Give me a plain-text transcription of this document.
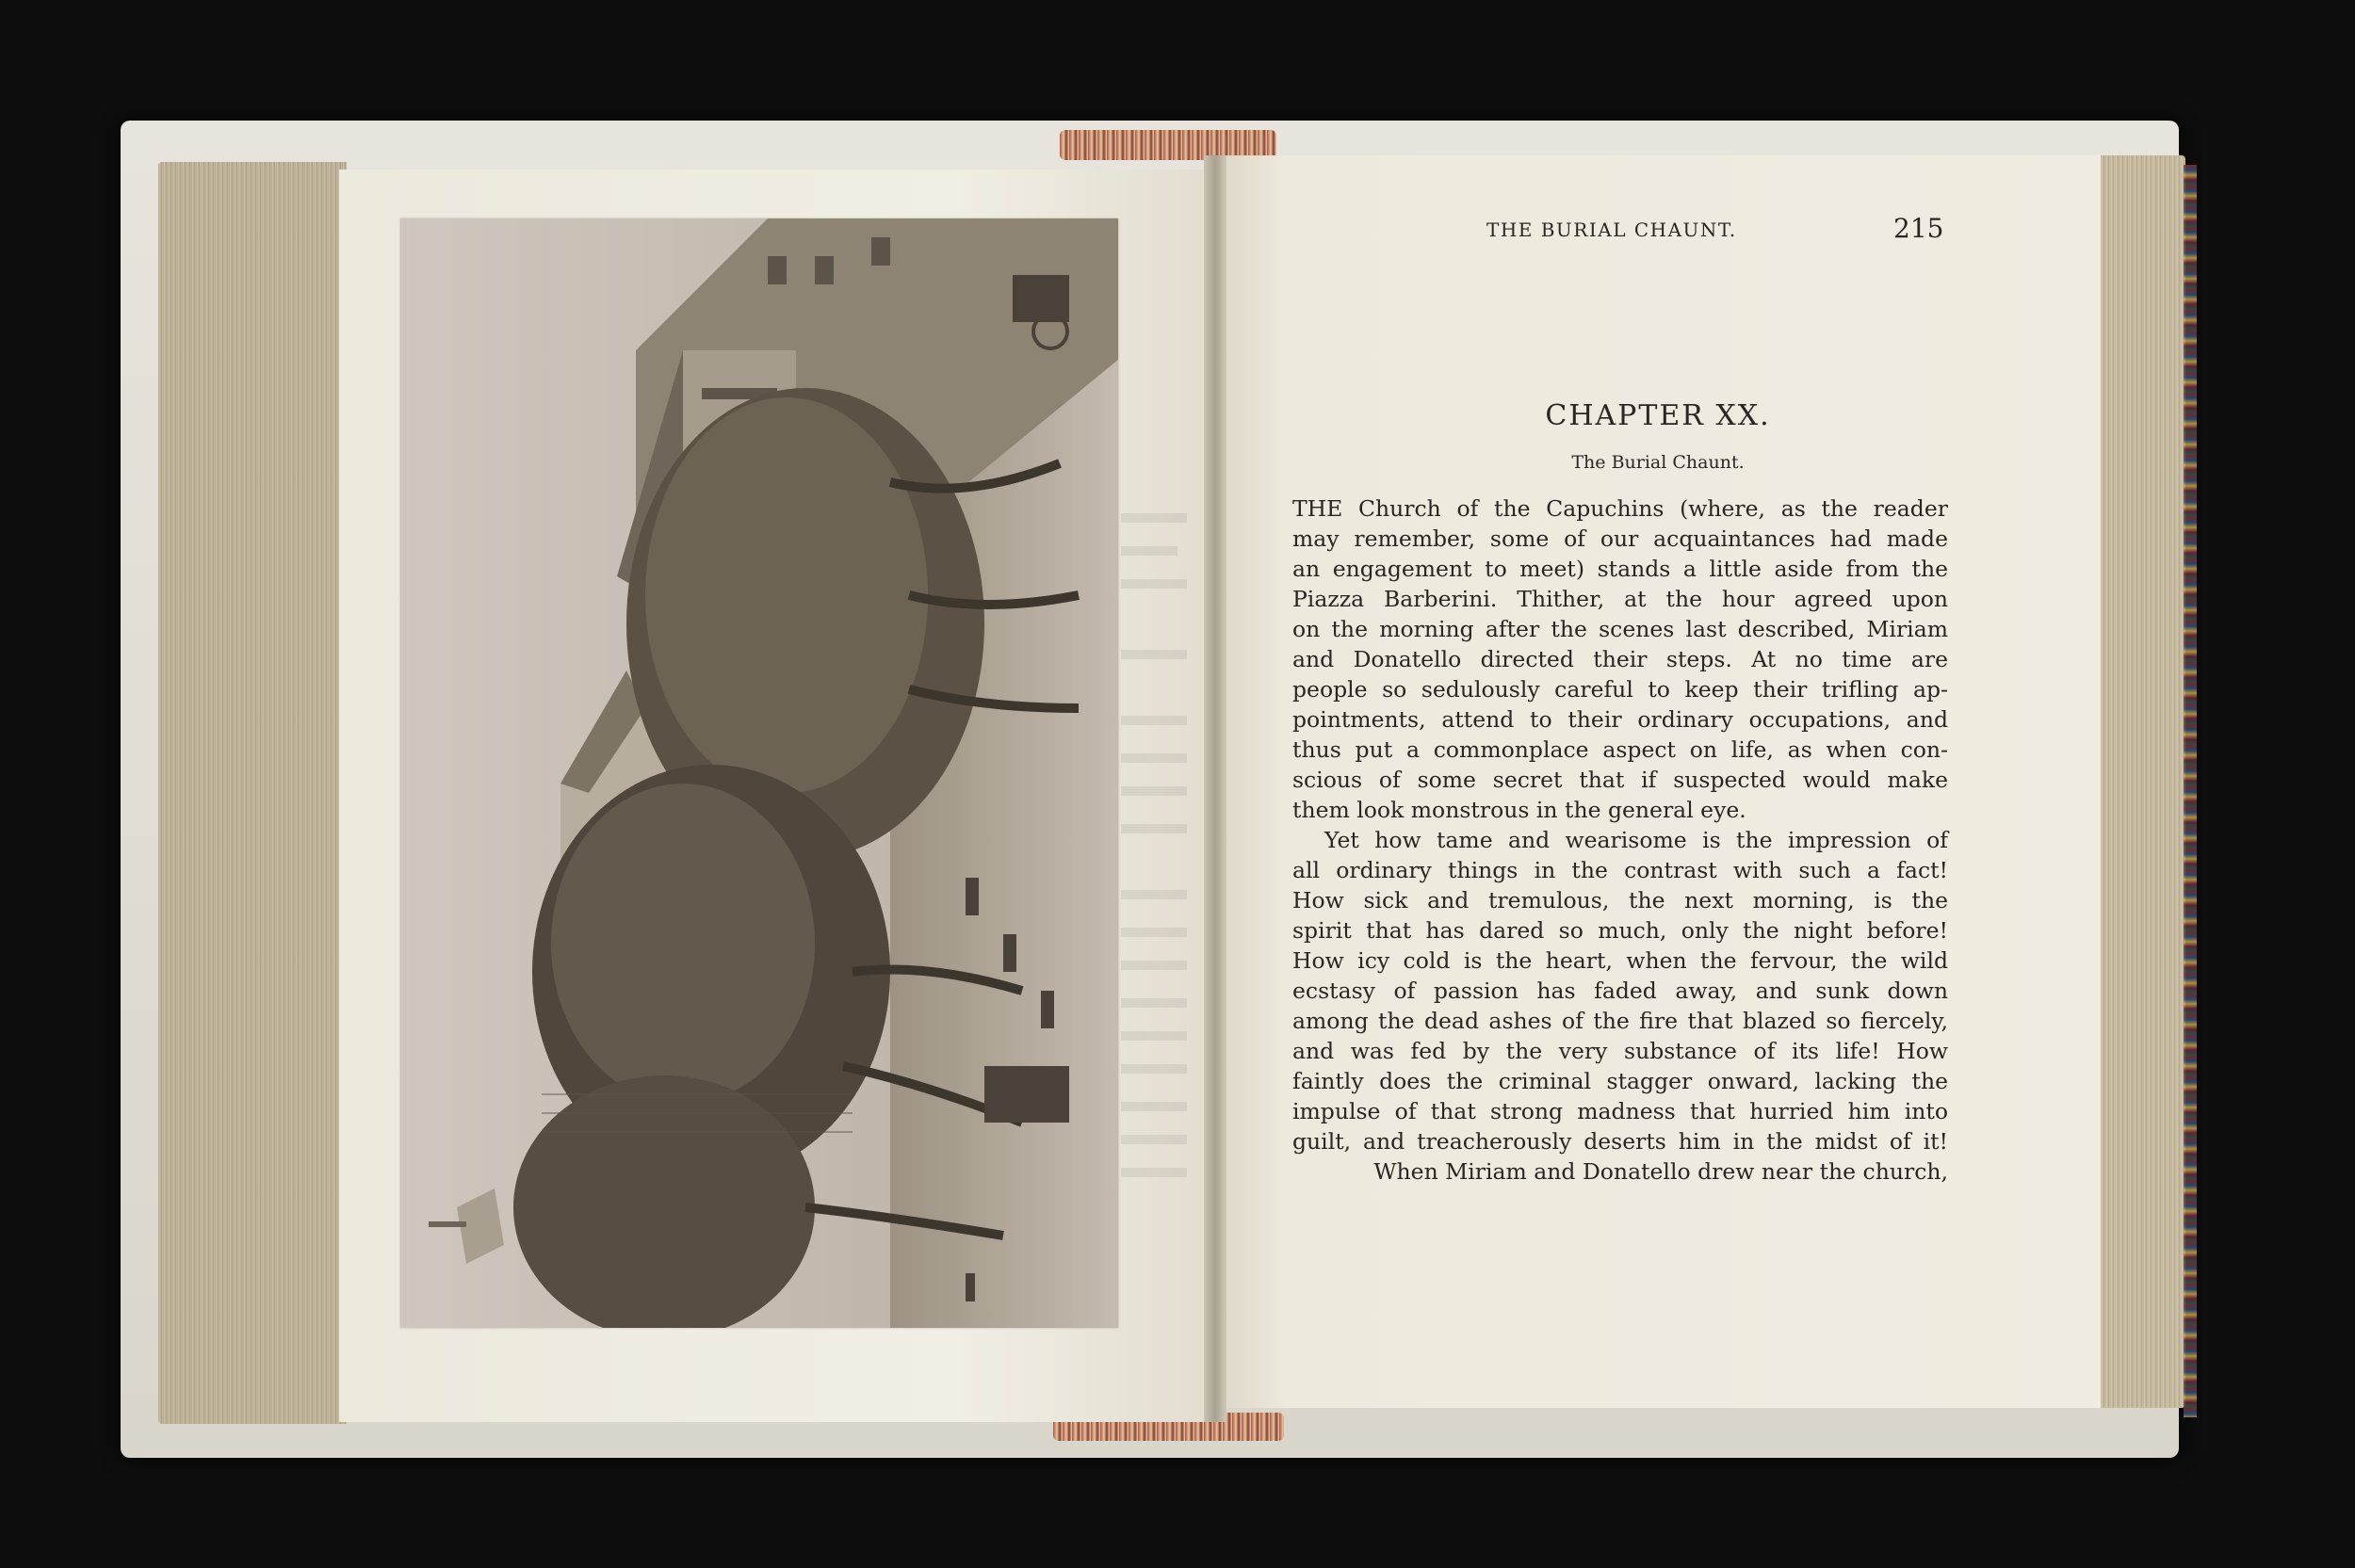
THE BURIAL CHAUNT.	215
CHAPTER XX.
The Burial Chaunt.
THE Church of the Capuchins (where, as the reader
may remember, some of our acquaintances had made
an engagement to meet) stands a little aside from the
Piazza Barberini. Thither, at the hour agreed upon
on the morning after the scenes last described, Miriam
and Donatello directed their steps. At no time are
people so sedulously careful to keep their trifling ap-
pointments, attend to their ordinary occupations, and
thus put a commonplace aspect on life, as when con-
scious of some secret that if suspected would make
them look monstrous in the general eye.
Yet how tame and wearisome is the impression of
all ordinary things in the contrast with such a fact!
How sick and tremulous, the next morning, is the
spirit that has dared so much, only the night before!
How icy cold is the heart, when the fervour, the wild
ecstasy of passion has faded away, and sunk down
among the dead ashes of the fire that blazed so fiercely,
and was fed by the very substance of its life! How
faintly does the criminal stagger onward, lacking the
impulse of that strong madness that hurried him into
guilt, and treacherously deserts him in the midst of it!
When Miriam and Donatello drew near the church,
